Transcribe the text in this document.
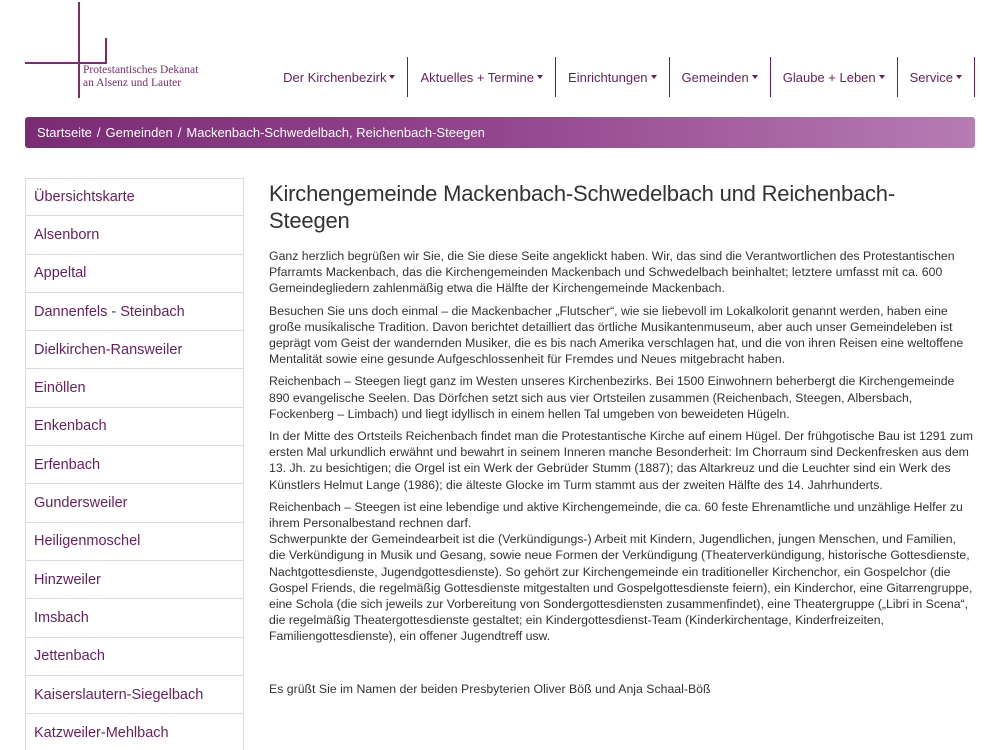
Protestantisches Dekanat
an Alsenz und Lauter	Der Kirchenbezirk	Aktuelles + Termine	Einrichtungen	Gemeinden	Glaube + Leben	Service
Startseite / Gemeinden / Mackenbach-Schwedelbach, Reichenbach-Steegen
Übersichtskarte
Alsenborn
Appeltal
Dannenfels - Steinbach
Dielkirchen-Ransweiler
Einöllen
Enkenbach
Erfenbach
Gundersweiler
Heiligenmoschel
Hinzweiler
Imsbach
Jettenbach
Kaiserslautern-Siegelbach
Katzweiler-Mehlbach
Kirchengemeinde Mackenbach-Schwedelbach und Reichenbach-Steegen

Ganz herzlich begrüßen wir Sie, die Sie diese Seite angeklickt haben. Wir, das sind die Verantwortlichen des Protestantischen Pfarramts Mackenbach, das die Kirchengemeinden Mackenbach und Schwedelbach beinhaltet; letztere umfasst mit ca. 600 Gemeindegliedern zahlenmäßig etwa die Hälfte der Kirchengemeinde Mackenbach.

Besuchen Sie uns doch einmal – die Mackenbacher „Flutscher“, wie sie liebevoll im Lokalkolorit genannt werden, haben eine große musikalische Tradition. Davon berichtet detailliert das örtliche Musikantenmuseum, aber auch unser Gemeindeleben ist geprägt vom Geist der wandernden Musiker, die es bis nach Amerika verschlagen hat, und die von ihren Reisen eine weltoffene Mentalität sowie eine gesunde Aufgeschlossenheit für Fremdes und Neues mitgebracht haben.

Reichenbach – Steegen liegt ganz im Westen unseres Kirchenbezirks. Bei 1500 Einwohnern beherbergt die Kirchengemeinde 890 evangelische Seelen. Das Dörfchen setzt sich aus vier Ortsteilen zusammen (Reichenbach, Steegen, Albersbach, Fockenberg – Limbach) und liegt idyllisch in einem hellen Tal umgeben von beweideten Hügeln.

In der Mitte des Ortsteils Reichenbach findet man die Protestantische Kirche auf einem Hügel. Der frühgotische Bau ist 1291 zum ersten Mal urkundlich erwähnt und bewahrt in seinem Inneren manche Besonderheit: Im Chorraum sind Deckenfresken aus dem 13. Jh. zu besichtigen; die Orgel ist ein Werk der Gebrüder Stumm (1887); das Altarkreuz und die Leuchter sind ein Werk des Künstlers Helmut Lange (1986); die älteste Glocke im Turm stammt aus der zweiten Hälfte des 14. Jahrhunderts.

Reichenbach – Steegen ist eine lebendige und aktive Kirchengemeinde, die ca. 60 feste Ehrenamtliche und unzählige Helfer zu ihrem Personalbestand rechnen darf.

Schwerpunkte der Gemeindearbeit ist die (Verkündigungs-) Arbeit mit Kindern, Jugendlichen, jungen Menschen, und Familien, die Verkündigung in Musik und Gesang, sowie neue Formen der Verkündigung (Theaterverkündigung, historische Gottesdienste, Nachtgottesdienste, Jugendgottesdienste). So gehört zur Kirchengemeinde ein traditioneller Kirchenchor, ein Gospelchor (die Gospel Friends, die regelmäßig Gottesdienste mitgestalten und Gospelgottesdienste feiern), ein Kinderchor, eine Gitarrengruppe, eine Schola (die sich jeweils zur Vorbereitung von Sondergottesdiensten zusammenfindet), eine Theatergruppe („Libri in Scena“, die regelmäßig Theatergottesdienste gestaltet; ein Kindergottesdienst-Team (Kinderkirchentage, Kinderfreizeiten, Familiengottesdienste), ein offener Jugendtreff usw.

Es grüßt Sie im Namen der beiden Presbyterien Oliver Böß und Anja Schaal-Böß
